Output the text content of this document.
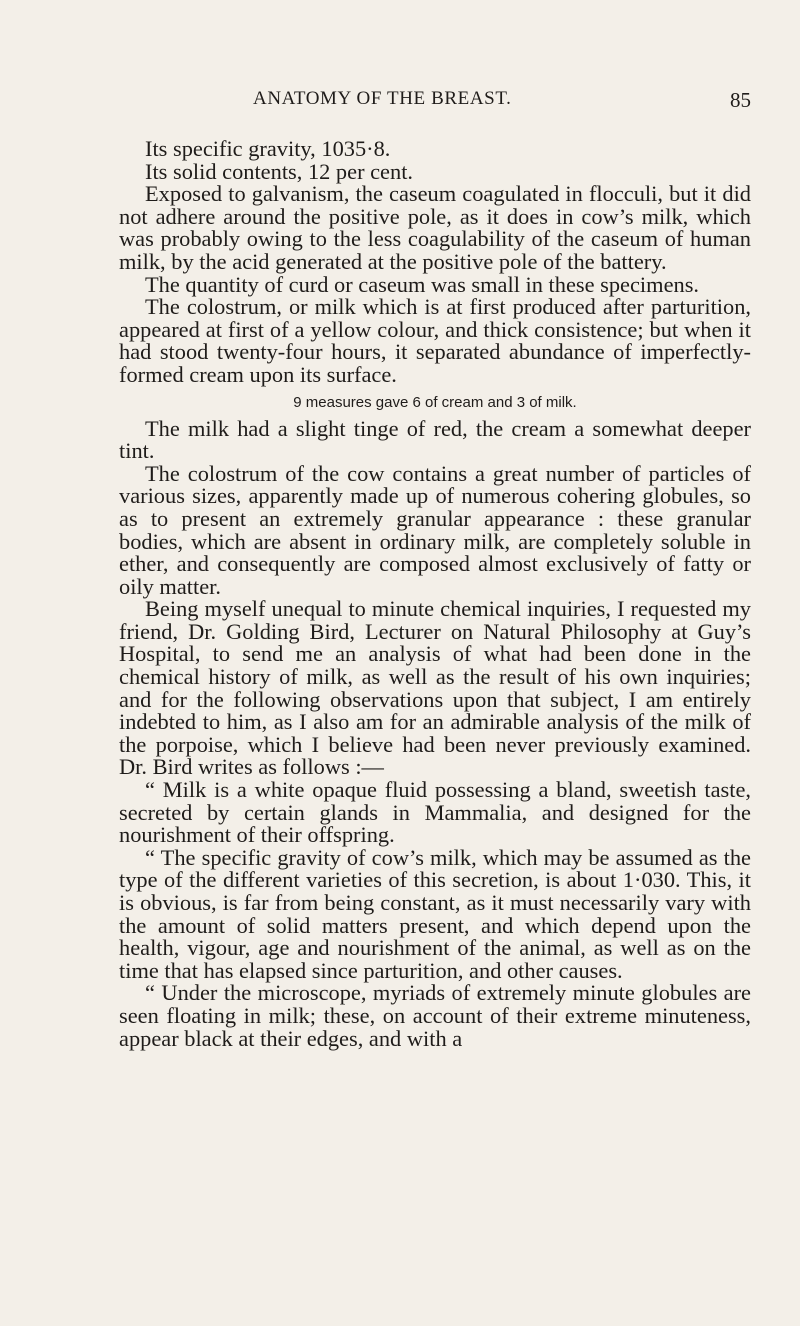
ANATOMY OF THE BREAST.	85

Its specific gravity, 1035·8.

Its solid contents, 12 per cent.

Exposed to galvanism, the caseum coagulated in flocculi, but it did not adhere around the positive pole, as it does in cow’s milk, which was probably owing to the less coagulability of the caseum of human milk, by the acid generated at the positive pole of the battery.

The quantity of curd or caseum was small in these specimens.

The colostrum, or milk which is at first produced after parturition, appeared at first of a yellow colour, and thick consistence; but when it had stood twenty-four hours, it separated abundance of imperfectly-formed cream upon its surface.

9 measures gave 6 of cream and 3 of milk.

The milk had a slight tinge of red, the cream a somewhat deeper tint.

The colostrum of the cow contains a great number of particles of various sizes, apparently made up of numerous cohering globules, so as to present an extremely granular appearance : these granular bodies, which are absent in ordinary milk, are completely soluble in ether, and consequently are composed almost exclusively of fatty or oily matter.

Being myself unequal to minute chemical inquiries, I requested my friend, Dr. Golding Bird, Lecturer on Natural Philosophy at Guy’s Hospital, to send me an analysis of what had been done in the chemical history of milk, as well as the result of his own inquiries; and for the following observations upon that subject, I am entirely indebted to him, as I also am for an admirable analysis of the milk of the porpoise, which I believe had been never previously examined. Dr. Bird writes as follows :—

“ Milk is a white opaque fluid possessing a bland, sweetish taste, secreted by certain glands in Mammalia, and designed for the nourishment of their offspring.

“ The specific gravity of cow’s milk, which may be assumed as the type of the different varieties of this secretion, is about 1·030. This, it is obvious, is far from being constant, as it must necessarily vary with the amount of solid matters present, and which depend upon the health, vigour, age and nourishment of the animal, as well as on the time that has elapsed since parturition, and other causes.

“ Under the microscope, myriads of extremely minute globules are seen floating in milk; these, on account of their extreme minuteness, appear black at their edges, and with a
